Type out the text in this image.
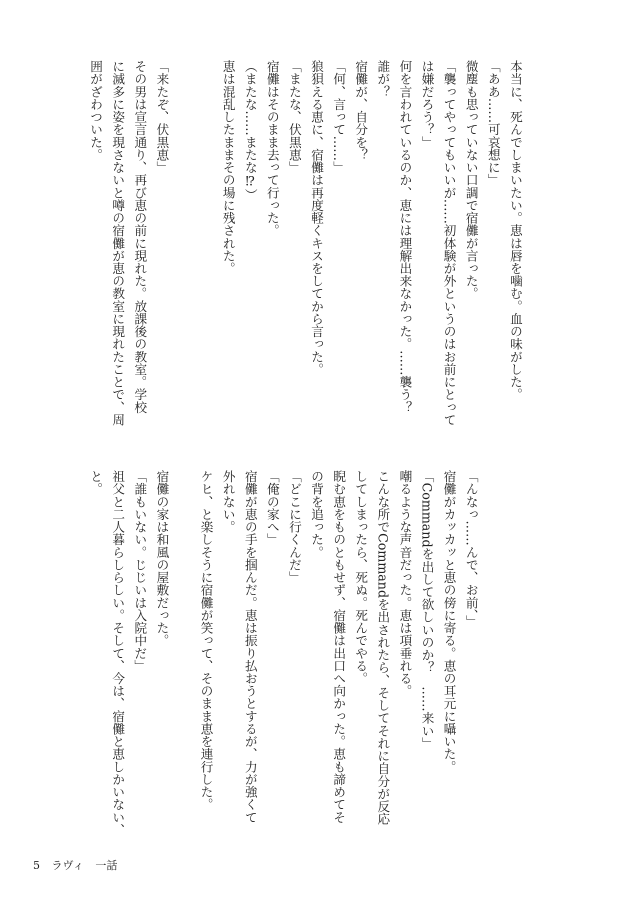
本当に、死んでしまいたい。恵は唇を噛む。血の味がした。
「ああ……可哀想に」
微塵も思っていない口調で宿儺が言った。
「襲ってやってもいいが……初体験が外というのはお前にとって
は嫌だろう？」
何を言われているのか、恵には理解出来なかった。……襲う？
誰が？
宿儺が、自分を？
「何、言って……」
狼狽える恵に、宿儺は再度軽くキスをしてから言った。
「またな、伏黒恵」
宿儺はそのまま去って行った。
（またな……またな⁉）
恵は混乱したままその場に残された。
「来たぞ、伏黒恵」
その男は宣言通り、再び恵の前に現れた。放課後の教室。学校
に滅多に姿を現さないと噂の宿儺が恵の教室に現れたことで、周
囲がざわついた。
「んなっ……んで、お前、」
宿儺がカッカッと恵の傍に寄る。恵の耳元に囁いた。
「Commandを出して欲しいのか？　……来い」
嘲るような声音だった。恵は項垂れる。
こんな所でCommandを出されたら、そしてそれに自分が反応
してしまったら、死ぬ。死んでやる。
睨む恵をものともせず、宿儺は出口へ向かった。恵も諦めてそ
の背を追った。
「どこに行くんだ」
「俺の家へ」
宿儺が恵の手を掴んだ。恵は振り払おうとするが、力が強くて
外れない。
ケヒ、と楽しそうに宿儺が笑って、そのまま恵を連行した。
宿儺の家は和風の屋敷だった。
「誰もいない。じじいは入院中だ」
祖父と二人暮らしらしい。そして、今は、宿儺と恵しかいない、
と。
5 ラヴィ 一話
